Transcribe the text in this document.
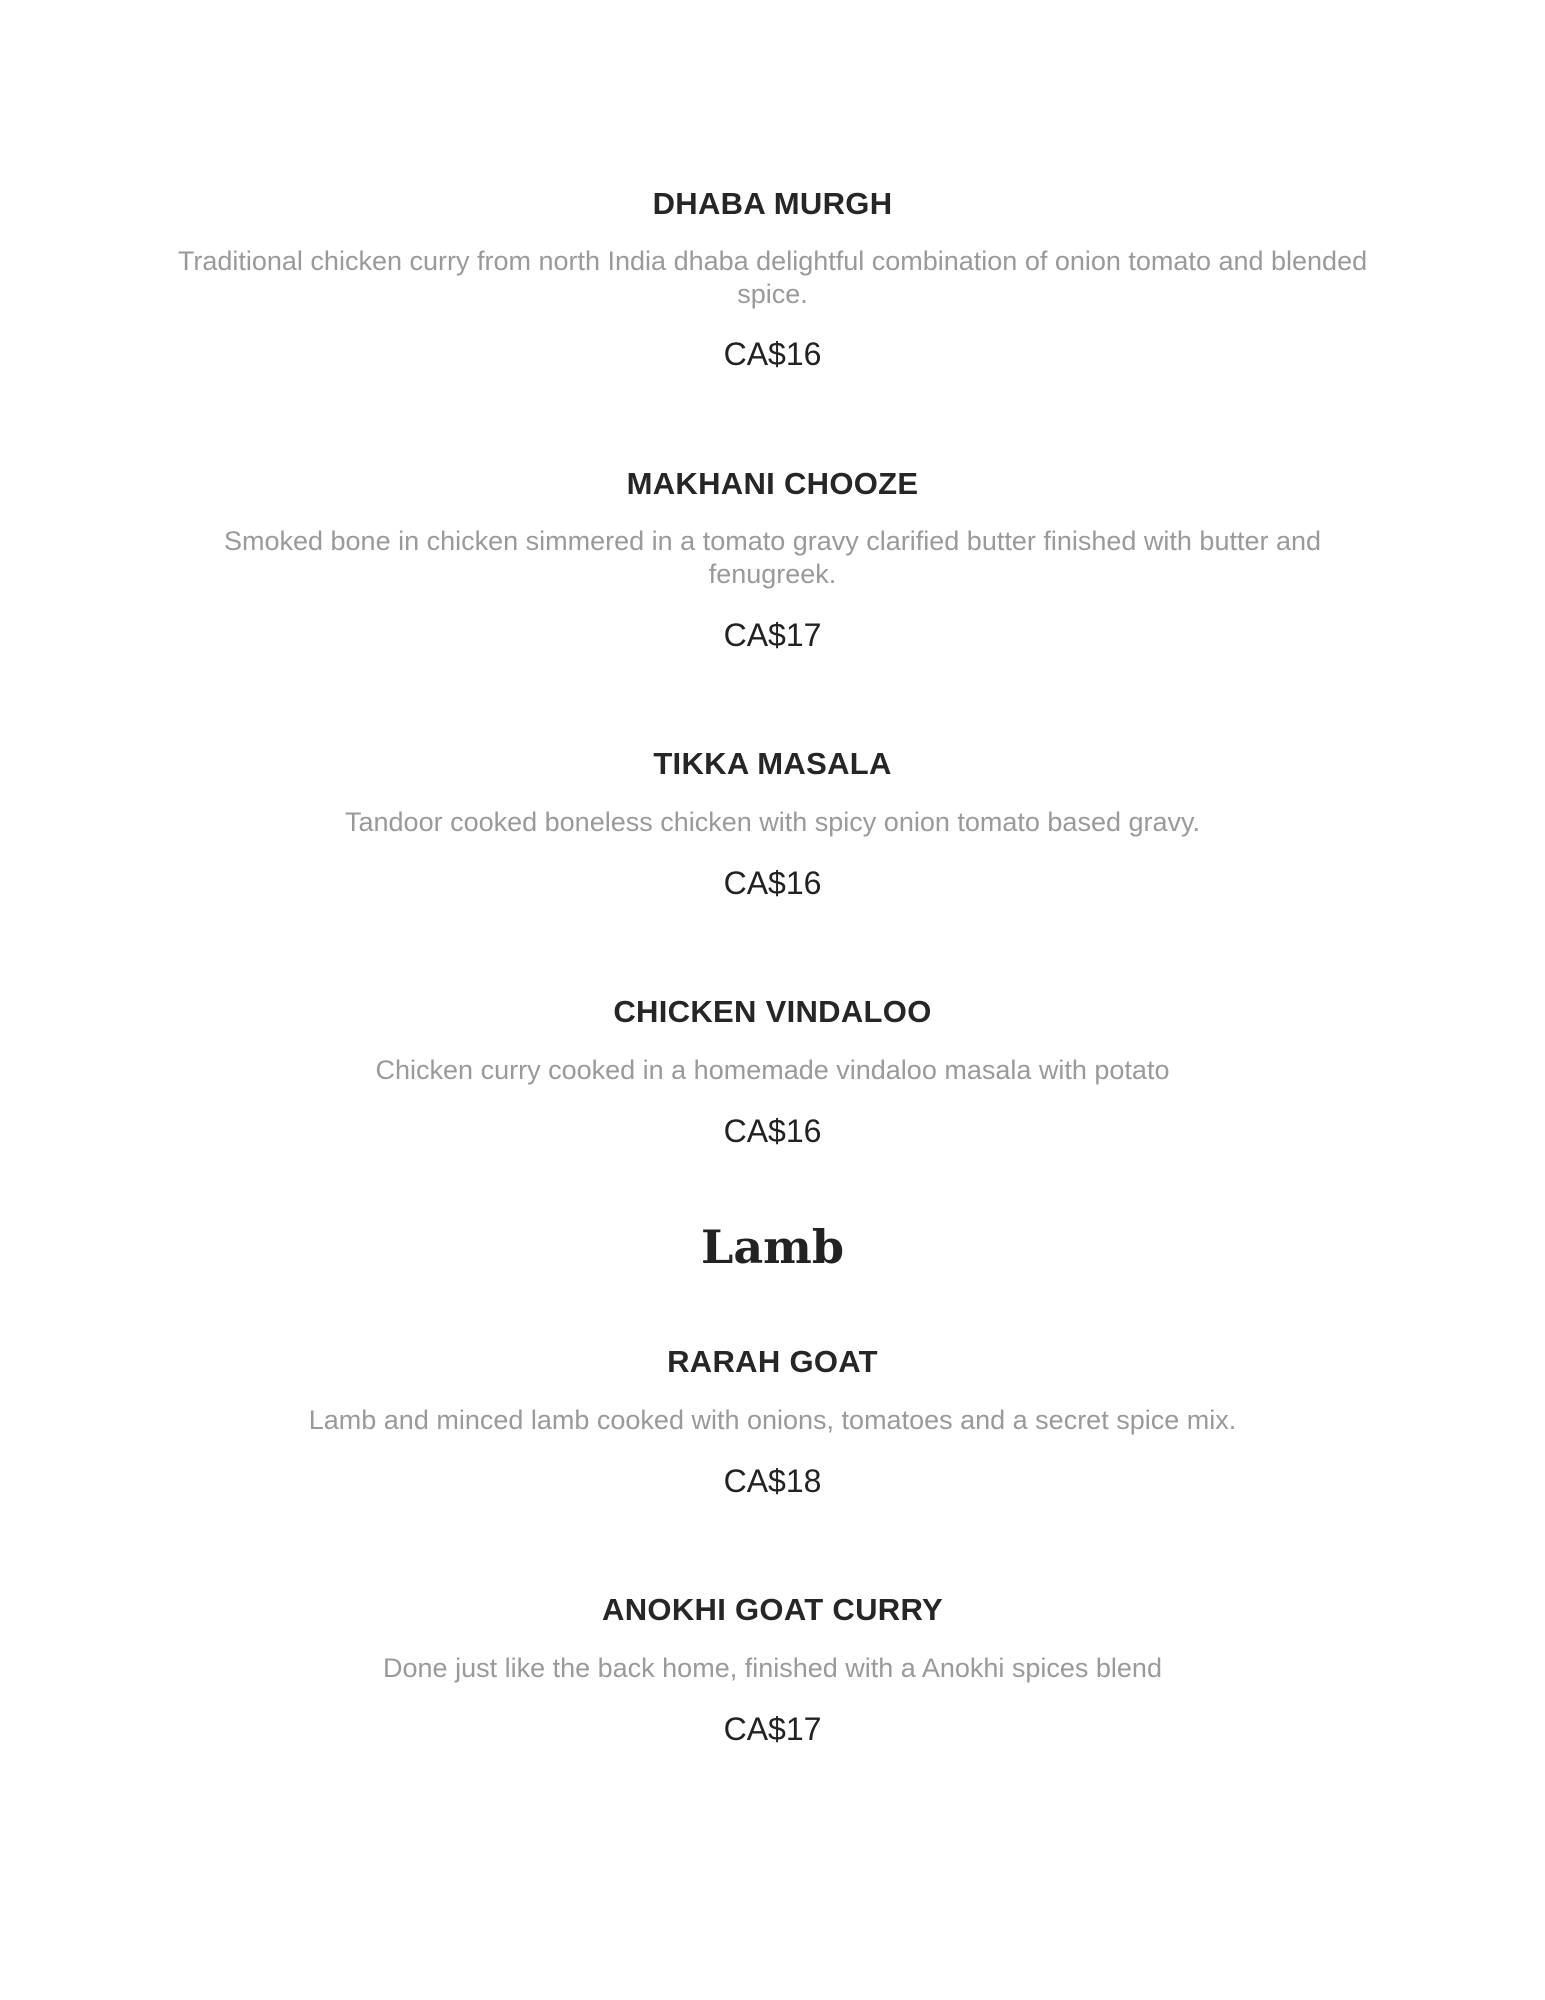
DHABA MURGH

Traditional chicken curry from north India dhaba delightful combination of onion tomato and blended spice.

CA$16
MAKHANI CHOOZE

Smoked bone in chicken simmered in a tomato gravy clarified butter finished with butter and fenugreek.

CA$17
TIKKA MASALA

Tandoor cooked boneless chicken with spicy onion tomato based gravy.

CA$16
CHICKEN VINDALOO

Chicken curry cooked in a homemade vindaloo masala with potato

CA$16
Lamb
RARAH GOAT

Lamb and minced lamb cooked with onions, tomatoes and a secret spice mix.

CA$18
ANOKHI GOAT CURRY

Done just like the back home, finished with a Anokhi spices blend

CA$17
